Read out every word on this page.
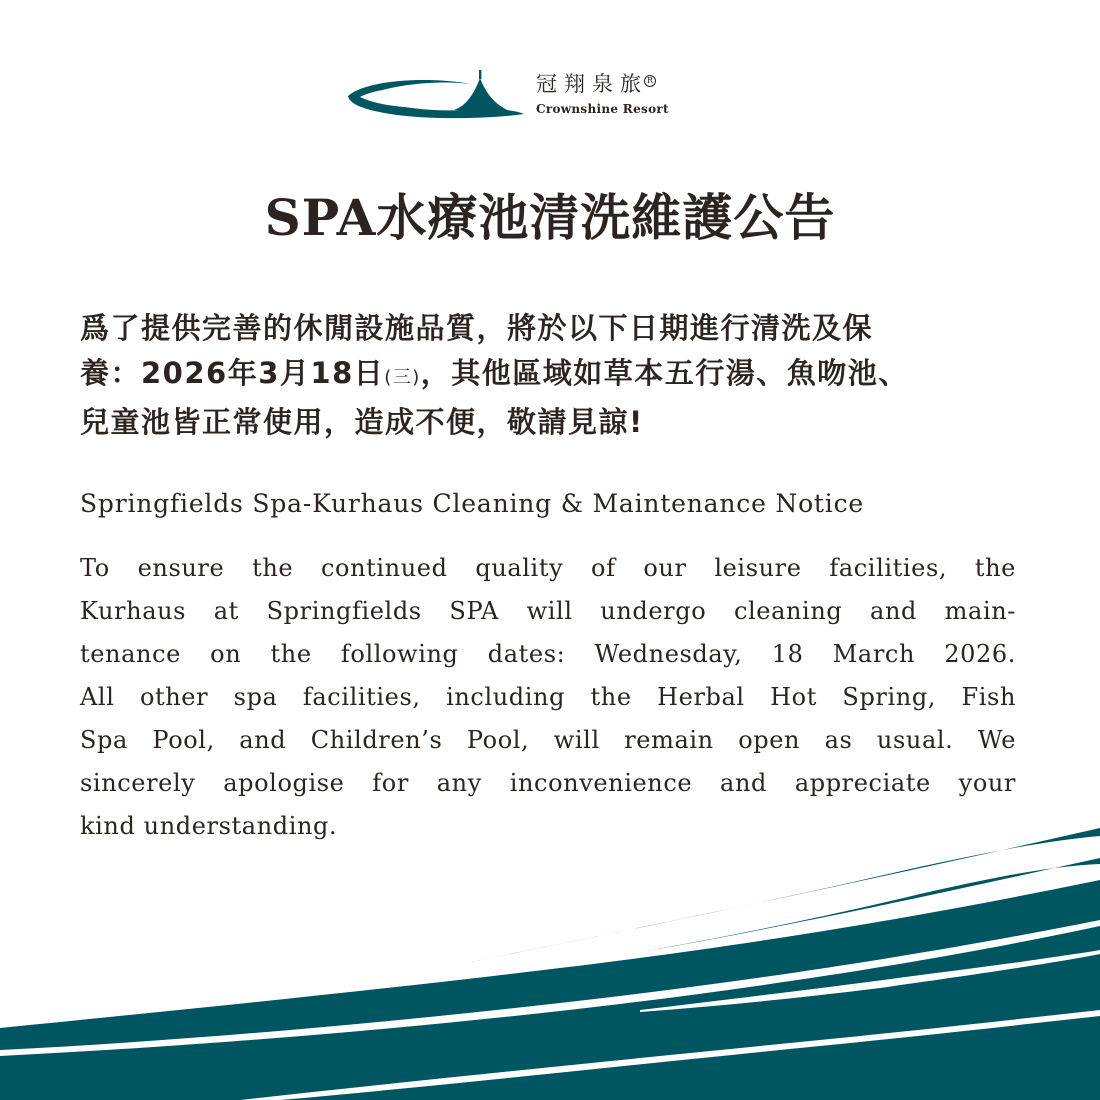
冠翔泉旅R
Crownshine Resort
SPA水療池清洗維護公告
爲了提供完善的休閒設施品質，將於以下日期進行清洗及保
養：2026年3月18日(三)，其他區域如草本五行湯、魚吻池、
兒童池皆正常使用，造成不便，敬請見諒!
Springfields Spa-Kurhaus Cleaning & Maintenance Notice
To ensure the continued quality of our leisure facilities, the
Kurhaus at Springfields SPA will undergo cleaning and main-
tenance on the following dates: Wednesday, 18 March 2026.
All other spa facilities, including the Herbal Hot Spring, Fish
Spa Pool, and Children’s Pool, will remain open as usual. We
sincerely apologise for any inconvenience and appreciate your
kind understanding.
